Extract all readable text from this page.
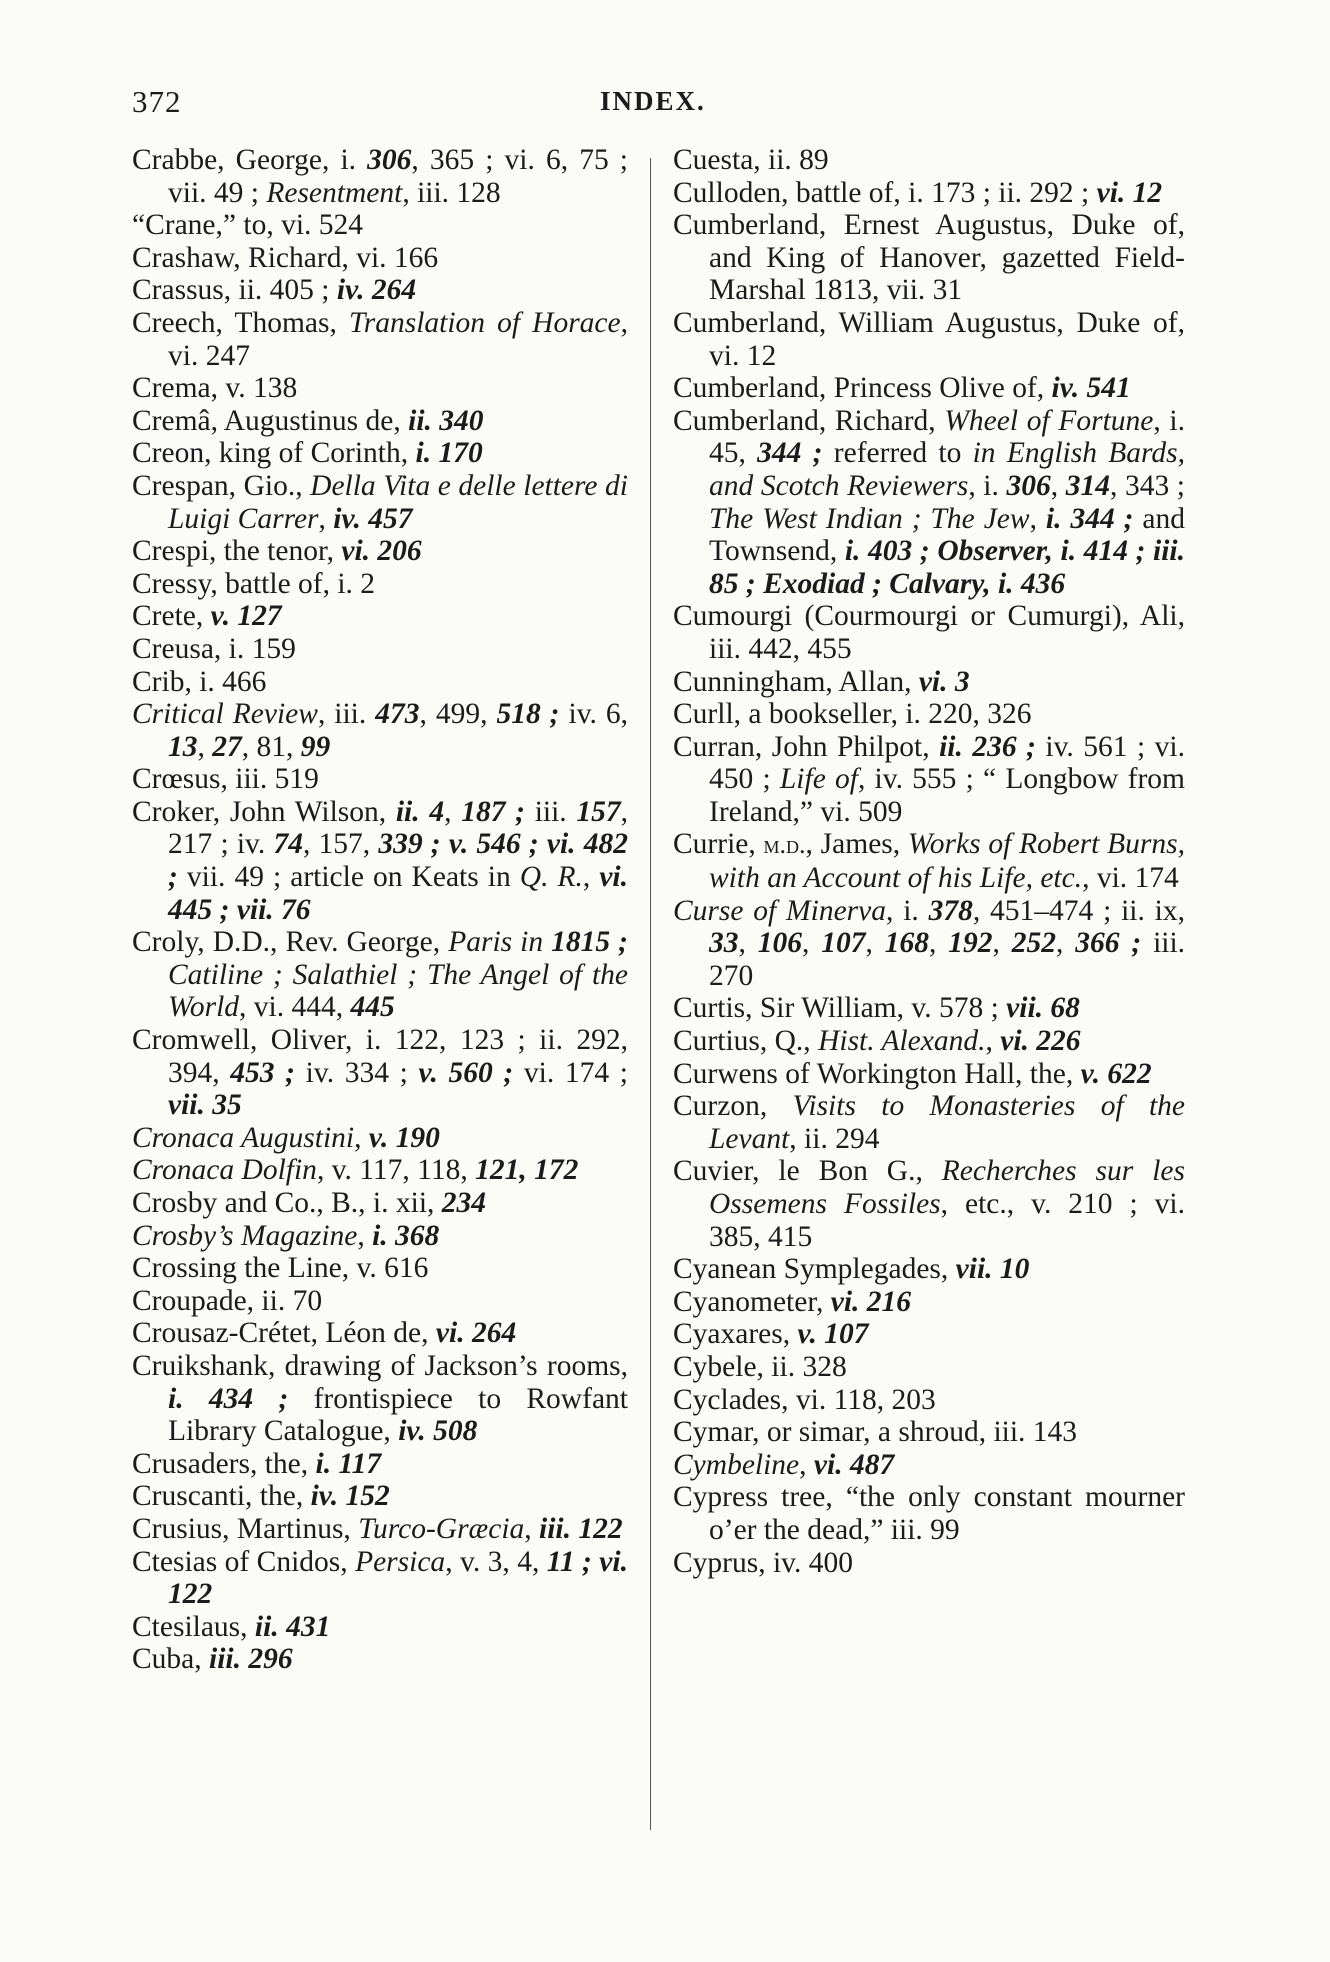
372	INDEX.

Crabbe, George, i. 306, 365 ; vi. 6, 75 ; vii. 49 ; Resentment, iii. 128

“Crane,” to, vi. 524

Crashaw, Richard, vi. 166

Crassus, ii. 405 ; iv. 264

Creech, Thomas, Translation of Horace, vi. 247

Crema, v. 138

Cremâ, Augustinus de, ii. 340

Creon, king of Corinth, i. 170

Crespan, Gio., Della Vita e delle lettere di Luigi Carrer, iv. 457

Crespi, the tenor, vi. 206

Cressy, battle of, i. 2

Crete, v. 127

Creusa, i. 159

Crib, i. 466

Critical Review, iii. 473, 499, 518 ; iv. 6, 13, 27, 81, 99

Crœsus, iii. 519

Croker, John Wilson, ii. 4, 187 ; iii. 157, 217 ; iv. 74, 157, 339 ; v. 546 ; vi. 482 ; vii. 49 ; article on Keats in Q. R., vi. 445 ; vii. 76

Croly, D.D., Rev. George, Paris in 1815 ; Catiline ; Salathiel ; The Angel of the World, vi. 444, 445

Cromwell, Oliver, i. 122, 123 ; ii. 292, 394, 453 ; iv. 334 ; v. 560 ; vi. 174 ; vii. 35

Cronaca Augustini, v. 190

Cronaca Dolfin, v. 117, 118, 121, 172

Crosby and Co., B., i. xii, 234

Crosby’s Magazine, i. 368

Crossing the Line, v. 616

Croupade, ii. 70

Crousaz-Crétet, Léon de, vi. 264

Cruikshank, drawing of Jackson’s rooms, i. 434 ; frontispiece to Rowfant Library Catalogue, iv. 508

Crusaders, the, i. 117

Cruscanti, the, iv. 152

Crusius, Martinus, Turco-Græcia, iii. 122

Ctesias of Cnidos, Persica, v. 3, 4, 11 ; vi. 122

Ctesilaus, ii. 431

Cuba, iii. 296

Cuesta, ii. 89

Culloden, battle of, i. 173 ; ii. 292 ; vi. 12

Cumberland, Ernest Augustus, Duke of, and King of Hanover, gazetted Field-Marshal 1813, vii. 31

Cumberland, William Augustus, Duke of, vi. 12

Cumberland, Princess Olive of, iv. 541

Cumberland, Richard, Wheel of Fortune, i. 45, 344 ; referred to in English Bards, and Scotch Reviewers, i. 306, 314, 343 ; The West Indian ; The Jew, i. 344 ; and Townsend, i. 403 ; Observer, i. 414 ; iii. 85 ; Exodiad ; Calvary, i. 436

Cumourgi (Courmourgi or Cumurgi), Ali, iii. 442, 455

Cunningham, Allan, vi. 3

Curll, a bookseller, i. 220, 326

Curran, John Philpot, ii. 236 ; iv. 561 ; vi. 450 ; Life of, iv. 555 ; “ Longbow from Ireland,” vi. 509

Currie, m.d., James, Works of Robert Burns, with an Account of his Life, etc., vi. 174

Curse of Minerva, i. 378, 451–474 ; ii. ix, 33, 106, 107, 168, 192, 252, 366 ; iii. 270

Curtis, Sir William, v. 578 ; vii. 68

Curtius, Q., Hist. Alexand., vi. 226

Curwens of Workington Hall, the, v. 622

Curzon, Visits to Monasteries of the Levant, ii. 294

Cuvier, le Bon G., Recherches sur les Ossemens Fossiles, etc., v. 210 ; vi. 385, 415

Cyanean Symplegades, vii. 10

Cyanometer, vi. 216

Cyaxares, v. 107

Cybele, ii. 328

Cyclades, vi. 118, 203

Cymar, or simar, a shroud, iii. 143

Cymbeline, vi. 487

Cypress tree, “the only constant mourner o’er the dead,” iii. 99

Cyprus, iv. 400
